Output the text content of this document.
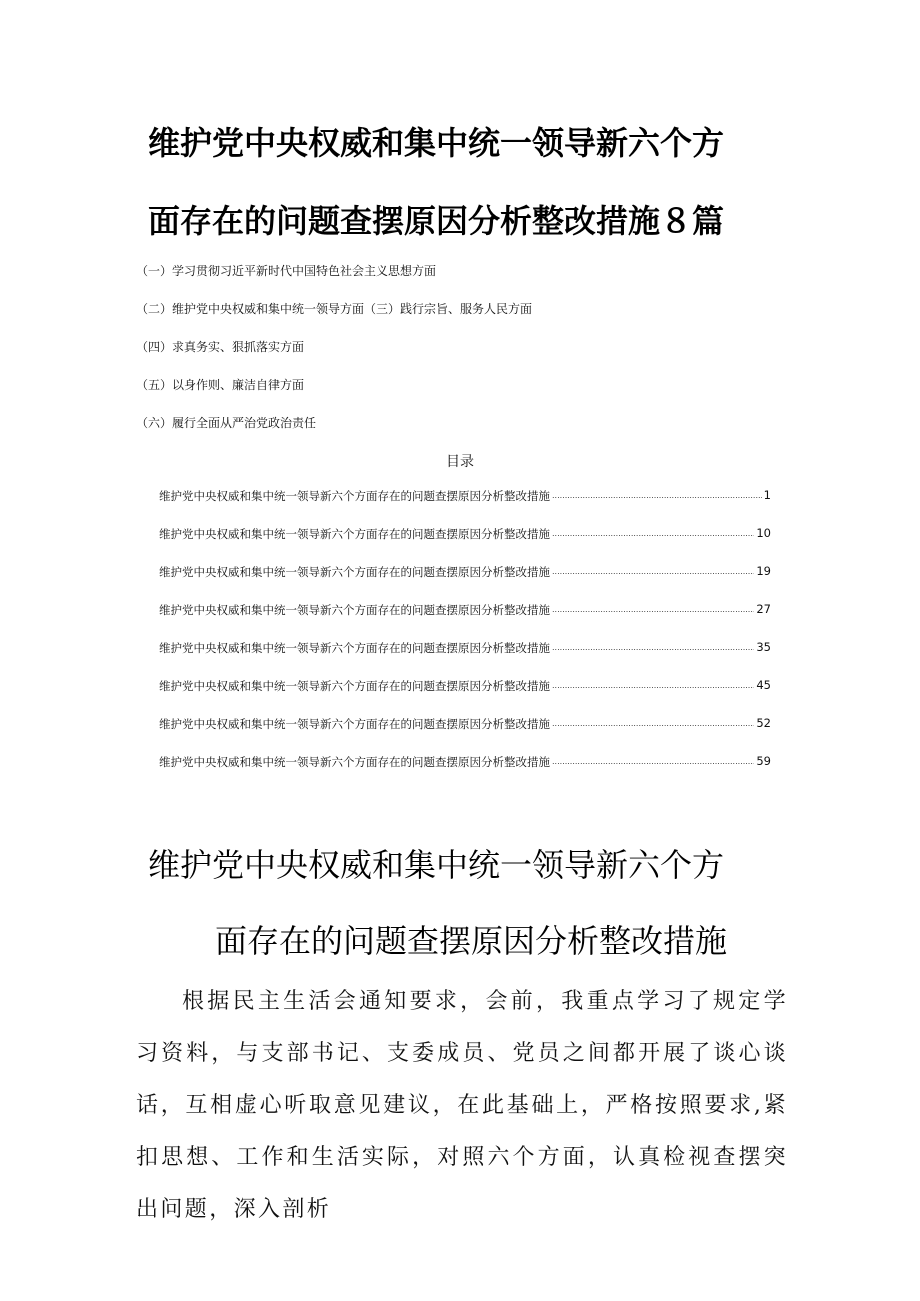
维护党中央权威和集中统一领导新六个方
面存在的问题查摆原因分析整改措施８篇
（一）学习贯彻习近平新时代中国特色社会主义思想方面
（二）维护党中央权威和集中统一领导方面（三）践行宗旨、服务人民方面
（四）求真务实、狠抓落实方面
（五）以身作则、廉洁自律方面
（六）履行全面从严治党政治责任
目录
维护党中央权威和集中统一领导新六个方面存在的问题查摆原因分析整改措施 .....	1
维护党中央权威和集中统一领导新六个方面存在的问题查摆原因分析整改措施 .....	10
维护党中央权威和集中统一领导新六个方面存在的问题查摆原因分析整改措施 .....	19
维护党中央权威和集中统一领导新六个方面存在的问题查摆原因分析整改措施 .....	27
维护党中央权威和集中统一领导新六个方面存在的问题查摆原因分析整改措施 .....	35
维护党中央权威和集中统一领导新六个方面存在的问题查摆原因分析整改措施 .....	45
维护党中央权威和集中统一领导新六个方面存在的问题查摆原因分析整改措施 .....	52
维护党中央权威和集中统一领导新六个方面存在的问题查摆原因分析整改措施 .....	59
维护党中央权威和集中统一领导新六个方
面存在的问题查摆原因分析整改措施

根据民主生活会通知要求，会前，我重点学习了规定学习资料，与支部书记、支委成员、党员之间都开展了谈心谈话，互相虚心听取意见建议，在此基础上，严格按照要求,紧扣思想、工作和生活实际，对照六个方面，认真检视查摆突出问题，深入剖析
